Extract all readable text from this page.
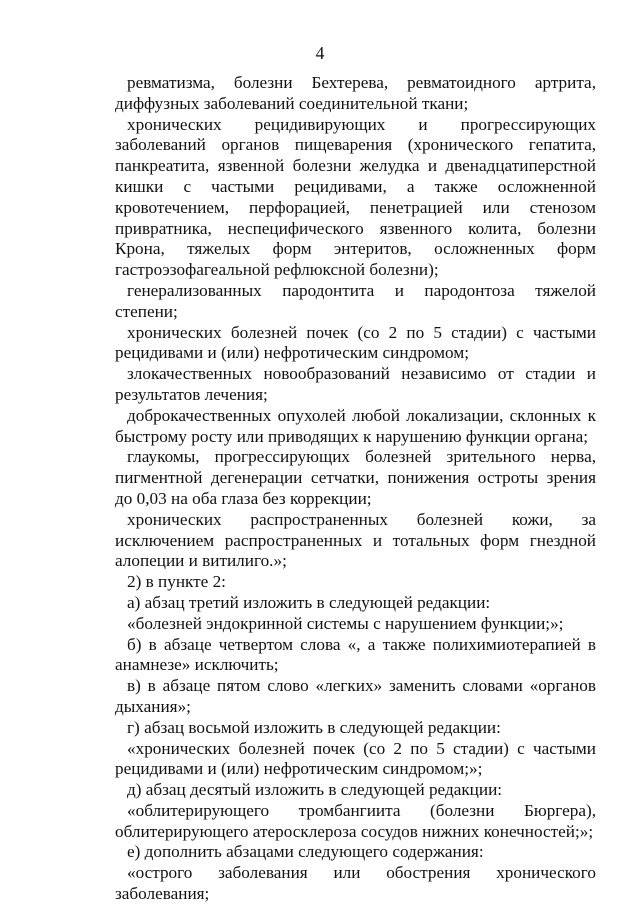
4

ревматизма, болезни Бехтерева, ревматоидного артрита, диффузных заболеваний соединительной ткани;

хронических рецидивирующих и прогрессирующих заболеваний органов пищеварения (хронического гепатита, панкреатита, язвенной болезни желудка и двенадцатиперстной кишки с частыми рецидивами, а также осложненной кровотечением, перфорацией, пенетрацией или стенозом привратника, неспецифического язвенного колита, болезни Крона, тяжелых форм энтеритов, осложненных форм гастроэзофагеальной рефлюксной болезни);

генерализованных пародонтита и пародонтоза тяжелой степени;

хронических болезней почек (со 2 по 5 стадии) с частыми рецидивами и (или) нефротическим синдромом;

злокачественных новообразований независимо от стадии и результатов лечения;

доброкачественных опухолей любой локализации, склонных к быстрому росту или приводящих к нарушению функции органа;

глаукомы, прогрессирующих болезней зрительного нерва, пигментной дегенерации сетчатки, понижения остроты зрения до 0,03 на оба глаза без коррекции;

хронических распространенных болезней кожи, за исключением распространенных и тотальных форм гнездной алопеции и витилиго.»;

2) в пункте 2:

а) абзац третий изложить в следующей редакции:

«болезней эндокринной системы с нарушением функции;»;

б) в абзаце четвертом слова «, а также полихимиотерапией в анамнезе» исключить;

в) в абзаце пятом слово «легких» заменить словами «органов дыхания»;

г) абзац восьмой изложить в следующей редакции:

«хронических болезней почек (со 2 по 5 стадии) с частыми рецидивами и (или) нефротическим синдромом;»;

д) абзац десятый изложить в следующей редакции:

«облитерирующего тромбангиита (болезни Бюргера), облитерирующего атеросклероза сосудов нижних конечностей;»;

е) дополнить абзацами следующего содержания:

«острого заболевания или обострения хронического заболевания;
